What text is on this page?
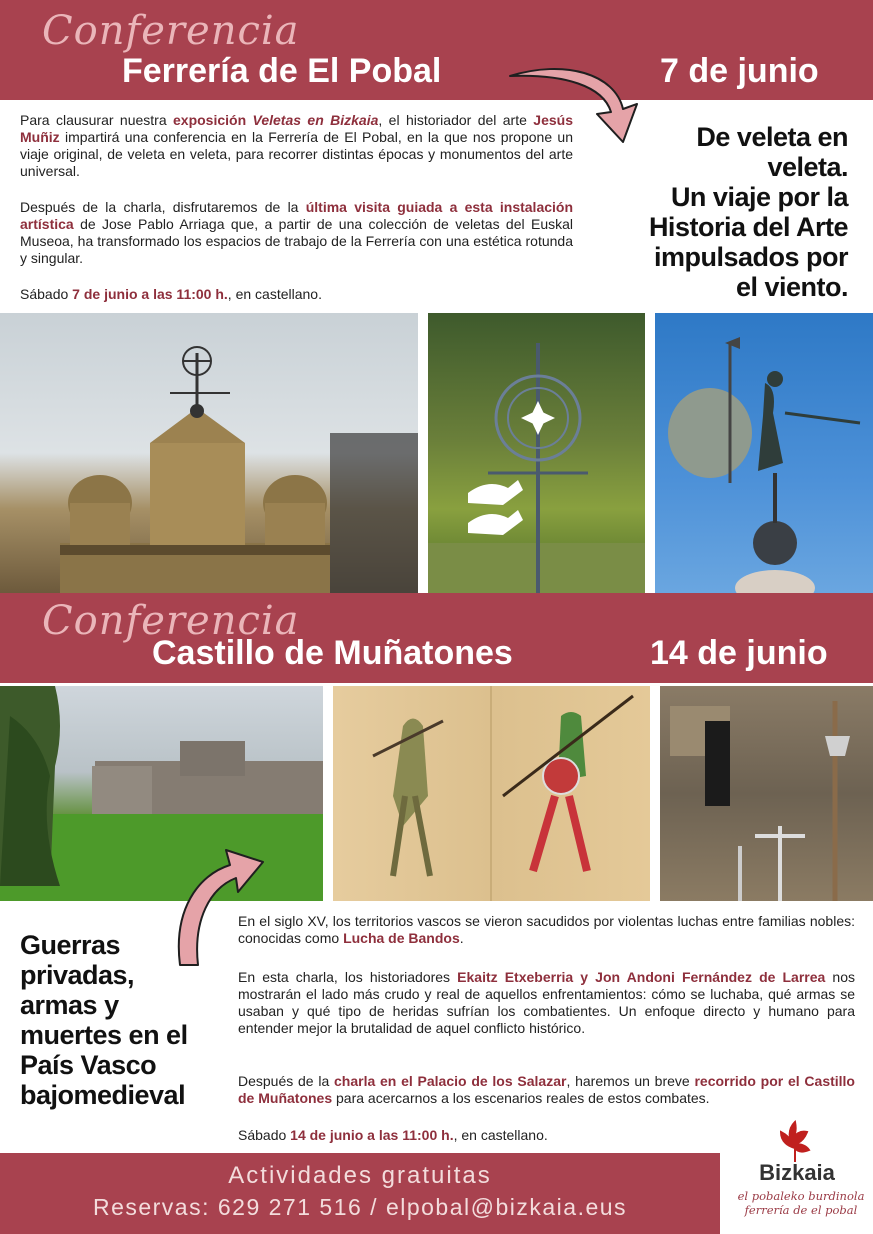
Conferencia
Ferrería de El Pobal	7 de junio
Para clausurar nuestra exposición Veletas en Bizkaia, el historiador del arte Jesús Muñiz impartirá una conferencia en la Ferrería de El Pobal, en la que nos propone un viaje original, de veleta en veleta, para recorrer distintas épocas y monumentos del arte universal.
Después de la charla, disfrutaremos de la última visita guiada a esta instalación artística de Jose Pablo Arriaga que, a partir de una colección de veletas del Euskal Museoa, ha transformado los espacios de trabajo de la Ferrería con una estética rotunda y singular.
Sábado 7 de junio a las 11:00 h., en castellano.
De veleta en
veleta.
Un viaje por la
Historia del Arte
impulsados por
el viento.
Conferencia
Castillo de Muñatones	14 de junio
Guerras
privadas,
armas y
muertes en el
País Vasco
bajomedieval
En el siglo XV, los territorios vascos se vieron sacudidos por violentas luchas entre familias nobles: conocidas como Lucha de Bandos.
En esta charla, los historiadores Ekaitz Etxeberria y Jon Andoni Fernández de Larrea nos mostrarán el lado más crudo y real de aquellos enfrentamientos: cómo se luchaba, qué armas se usaban y qué tipo de heridas sufrían los combatientes. Un enfoque directo y humano para entender mejor la brutalidad de aquel conflicto histórico.
Después de la charla en el Palacio de los Salazar, haremos un breve recorrido por el Castillo de Muñatones para acercarnos a los escenarios reales de estos combates.
Sábado 14 de junio a las 11:00 h., en castellano.
Actividades gratuitas
Reservas: 629 271 516 / elpobal@bizkaia.eus
Bizkaia
el pobaleko burdinola
ferrería de el pobal
